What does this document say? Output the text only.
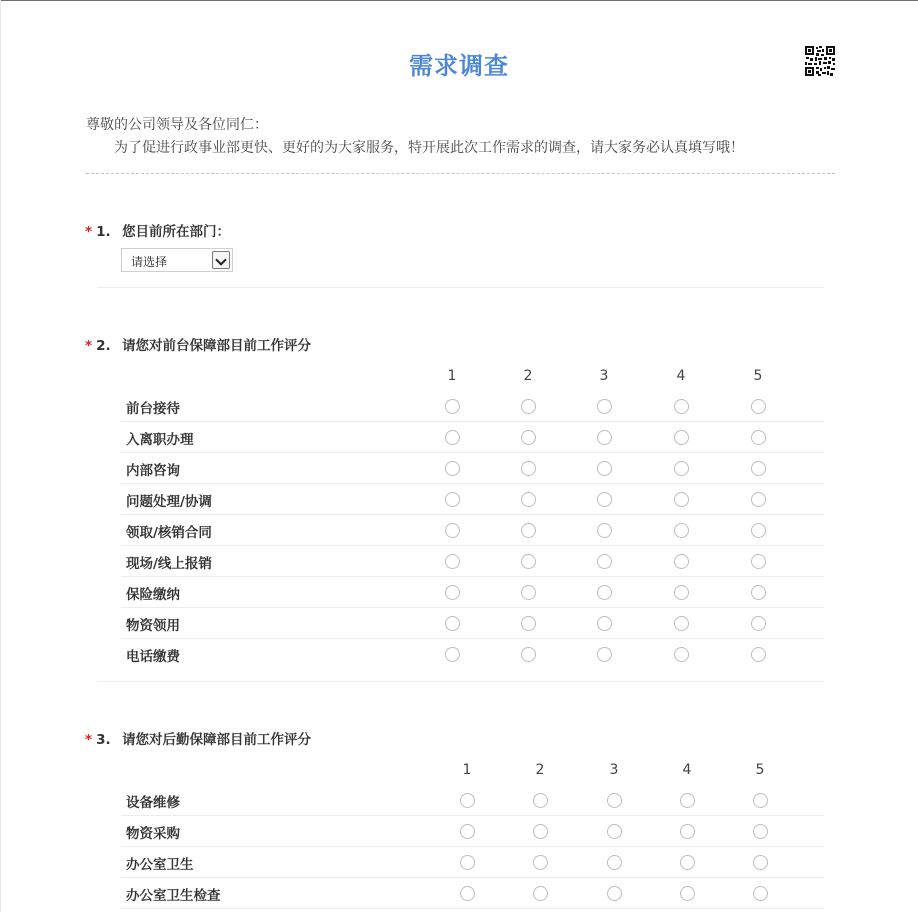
需求调查
尊敬的公司领导及各位同仁：
为了促进行政事业部更快、更好的为大家服务，特开展此次工作需求的调查，请大家务必认真填写哦！
* 1. 您目前所在部门：
请选择
* 2. 请您对前台保障部目前工作评分
1	2	3	4	5
前台接待
入离职办理
内部咨询
问题处理/协调
领取/核销合同
现场/线上报销
保险缴纳
物资领用
电话缴费
* 3. 请您对后勤保障部目前工作评分
1	2	3	4	5
设备维修
物资采购
办公室卫生
办公室卫生检查
